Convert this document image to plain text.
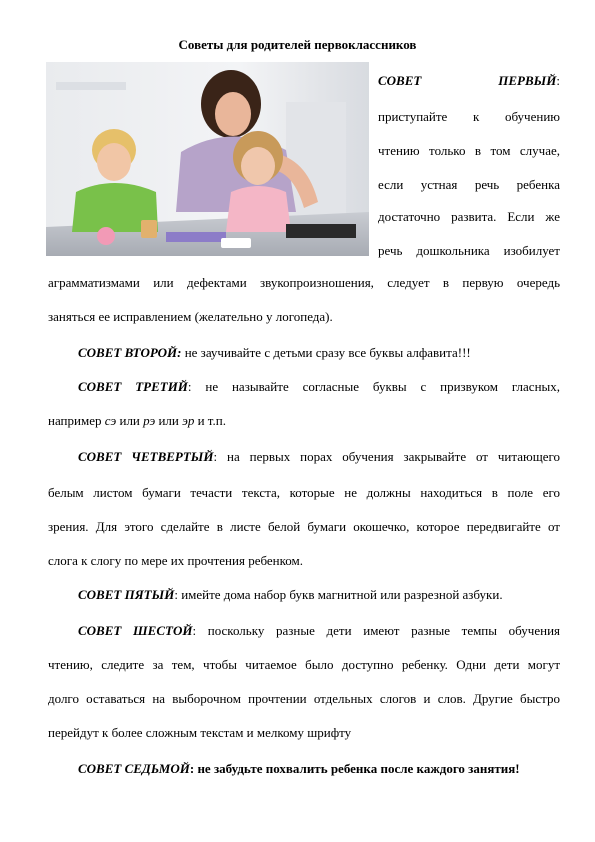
Советы для родителей первоклассников
СОВЕТ ПЕРВЫЙ:
приступайте к обучению
чтению только в том случае,
если устная речь ребенка
достаточно развита. Если же
речь дошкольника изобилует
аграмматизмами или дефектами звукопроизношения, следует в первую очередь
заняться ее исправлением (желательно у логопеда).
СОВЕТ ВТОРОЙ: не заучивайте с детьми сразу все буквы алфавита!!!
СОВЕТ ТРЕТИЙ: не называйте согласные буквы с призвуком гласных,
например сэ или рэ или эр и т.п.
СОВЕТ ЧЕТВЕРТЫЙ: на первых порах обучения закрывайте от читающего
белым листом бумаги течасти текста, которые не должны находиться в поле его
зрения. Для этого сделайте в листе белой бумаги окошечко, которое передвигайте от
слога к слогу по мере их прочтения ребенком.
СОВЕТ ПЯТЫЙ: имейте дома набор букв магнитной или разрезной азбуки.
СОВЕТ ШЕСТОЙ: поскольку разные дети имеют разные темпы обучения
чтению, следите за тем, чтобы читаемое было доступно ребенку. Одни дети могут
долго оставаться на выборочном прочтении отдельных слогов и слов. Другие быстро
перейдут к более сложным текстам и мелкому шрифту
СОВЕТ СЕДЬМОЙ: не забудьте похвалить ребенка после каждого занятия!
